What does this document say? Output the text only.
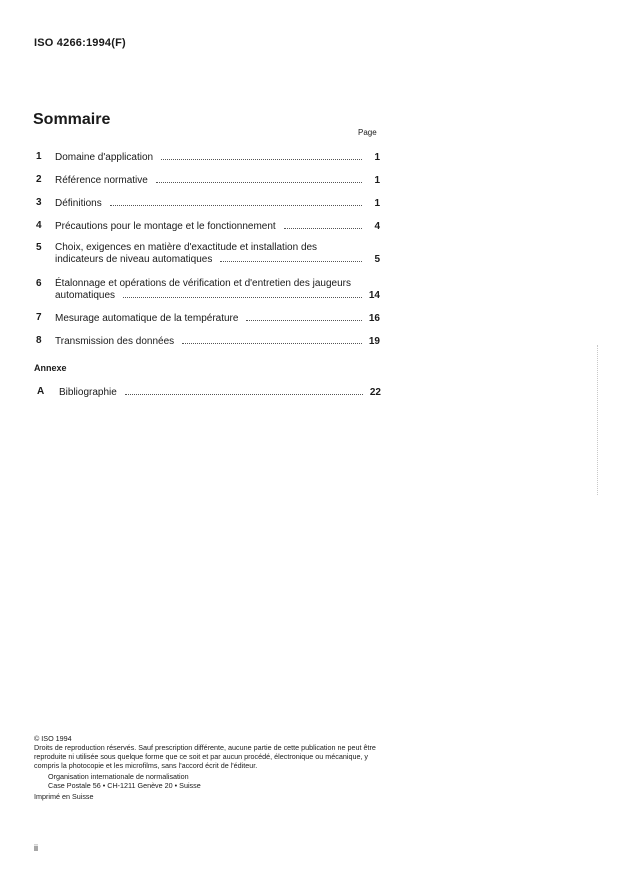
ISO 4266:1994(F)
Sommaire
Page
1 Domaine d'application	1
2 Référence normative	1
3 Définitions	1
4 Précautions pour le montage et le fonctionnement	4
5 Choix, exigences en matière d'exactitude et installation des
indicateurs de niveau automatiques	5
6 Étalonnage et opérations de vérification et d'entretien des jaugeurs
automatiques	14
7 Mesurage automatique de la température	16
8 Transmission des données	19
Annexe
A Bibliographie	22
© ISO 1994
Droits de reproduction réservés. Sauf prescription différente, aucune partie de cette publication ne peut être reproduite ni utilisée sous quelque forme que ce soit et par aucun procédé, électronique ou mécanique, y compris la photocopie et les microfilms, sans l'accord écrit de l'éditeur.
Organisation internationale de normalisation
Case Postale 56 • CH-1211 Genève 20 • Suisse
Imprimé en Suisse
ii
